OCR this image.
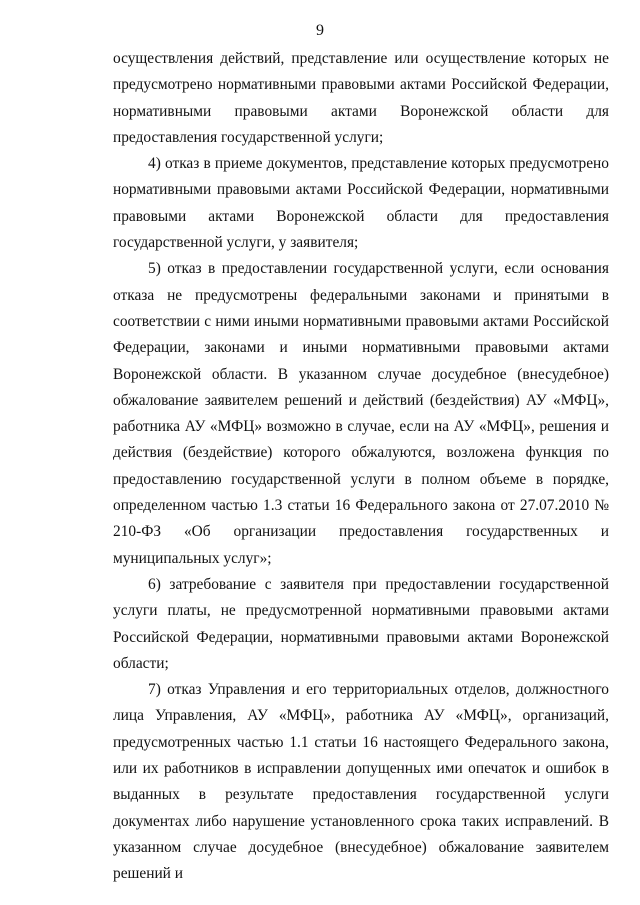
9

осуществления действий, представление или осуществление которых не предусмотрено нормативными правовыми актами Российской Федерации, нормативными правовыми актами Воронежской области для предоставления государственной услуги;

4) отказ в приеме документов, представление которых предусмотрено нормативными правовыми актами Российской Федерации, нормативными правовыми актами Воронежской области для предоставления государственной услуги, у заявителя;

5) отказ в предоставлении государственной услуги, если основания отказа не предусмотрены федеральными законами и принятыми в соответствии с ними иными нормативными правовыми актами Российской Федерации, законами и иными нормативными правовыми актами Воронежской области. В указанном случае досудебное (внесудебное) обжалование заявителем решений и действий (бездействия) АУ «МФЦ», работника АУ «МФЦ» возможно в случае, если на АУ «МФЦ», решения и действия (бездействие) которого обжалуются, возложена функция по предоставлению государственной услуги в полном объеме в порядке, определенном частью 1.3 статьи 16 Федерального закона от 27.07.2010 № 210-ФЗ «Об организации предоставления государственных и муниципальных услуг»;

6) затребование с заявителя при предоставлении государственной услуги платы, не предусмотренной нормативными правовыми актами Российской Федерации, нормативными правовыми актами Воронежской области;

7) отказ Управления и его территориальных отделов, должностного лица Управления, АУ «МФЦ», работника АУ «МФЦ», организаций, предусмотренных частью 1.1 статьи 16 настоящего Федерального закона, или их работников в исправлении допущенных ими опечаток и ошибок в выданных в результате предоставления государственной услуги документах либо нарушение установленного срока таких исправлений. В указанном случае досудебное (внесудебное) обжалование заявителем решений и
